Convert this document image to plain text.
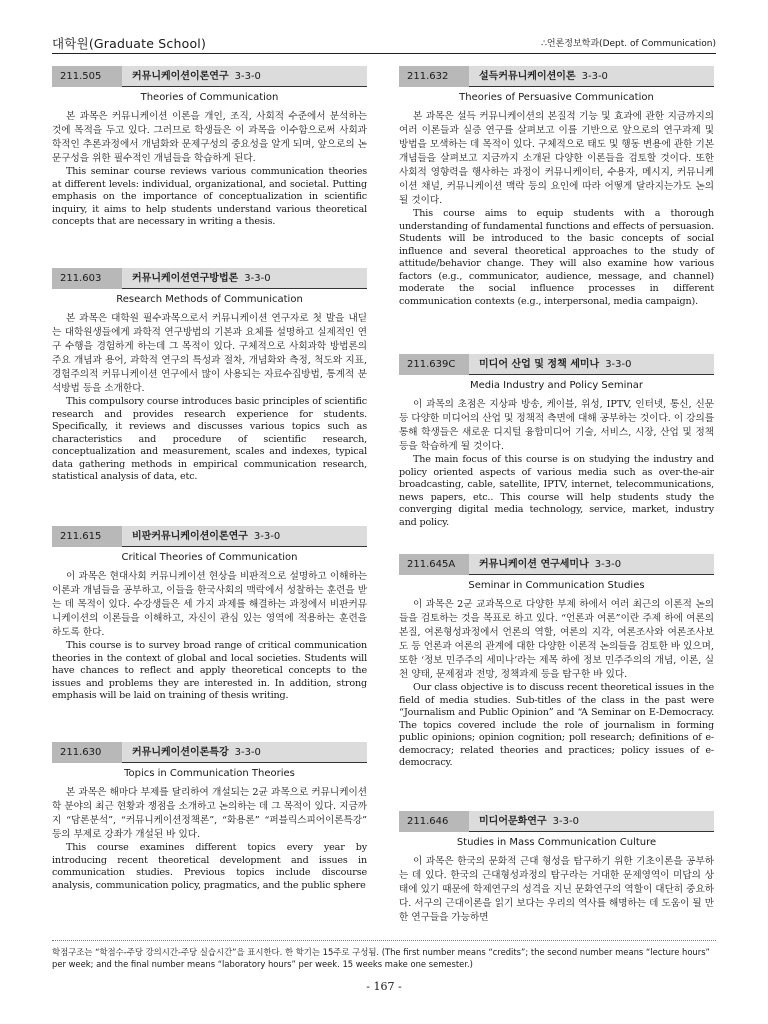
대학원(Graduate School)	∴언론정보학과(Dept. of Communication)
211.505	커뮤니케이션이론연구 3-3-0
Theories of Communication

본 과목은 커뮤니케이션 이론을 개인, 조직, 사회적 수준에서 분석하는 것에 목적을 두고 있다. 그러므로 학생들은 이 과목을 이수함으로써 사회과학적인 추론과정에서 개념화와 문제구성의 중요성을 알게 되며, 앞으로의 논문구성을 위한 필수적인 개념들을 학습하게 된다.

This seminar course reviews various communication theories at different levels: individual, organizational, and societal. Putting emphasis on the importance of conceptualization in scientific inquiry, it aims to help students understand various theoretical concepts that are necessary in writing a thesis.

211.603	커뮤니케이션연구방법론 3-3-0
Research Methods of Communication

본 과목은 대학원 필수과목으로서 커뮤니케이션 연구자로 첫 발을 내딛는 대학원생들에게 과학적 연구방법의 기본과 요체를 설명하고 실제적인 연구 수행을 경험하게 하는데 그 목적이 있다. 구체적으로 사회과학 방법론의 주요 개념과 용어, 과학적 연구의 특성과 절차, 개념화와 측정, 척도와 지표, 경험주의적 커뮤니케이션 연구에서 많이 사용되는 자료수집방법, 통계적 분석방법 등을 소개한다.

This compulsory course introduces basic principles of scientific research and provides research experience for students. Specifically, it reviews and discusses various topics such as characteristics and procedure of scientific research, conceptualization and measurement, scales and indexes, typical data gathering methods in empirical communication research, statistical analysis of data, etc.

211.615	비판커뮤니케이션이론연구 3-3-0
Critical Theories of Communication

이 과목은 현대사회 커뮤니케이션 현상을 비판적으로 설명하고 이해하는 이론과 개념들을 공부하고, 이들을 한국사회의 맥락에서 성찰하는 훈련을 받는 데 목적이 있다. 수강생들은 세 가지 과제를 해결하는 과정에서 비판커뮤니케이션의 이론들을 이해하고, 자신이 관심 있는 영역에 적용하는 훈련을 하도록 한다.

This course is to survey broad range of critical communication theories in the context of global and local societies. Students will have chances to reflect and apply theoretical concepts to the issues and problems they are interested in. In addition, strong emphasis will be laid on training of thesis writing.

211.630	커뮤니케이션이론특강 3-3-0
Topics in Communication Theories

본 과목은 해마다 부제를 달리하여 개설되는 2균 과목으로 커뮤니케이션학 분야의 최근 현황과 쟁점을 소개하고 논의하는 데 그 목적이 있다. 지금까지 “담론분석”, “커뮤니케이션정책론”, “화용론” “퍼블릭스피어이론특강” 등의 부제로 강좌가 개설된 바 있다.

This course examines different topics every year by introducing recent theoretical development and issues in communication studies. Previous topics include discourse analysis, communication policy, pragmatics, and the public sphere

211.632	설득커뮤니케이션이론 3-3-0
Theories of Persuasive Communication

본 과목은 설득 커뮤니케이션의 본질적 기능 및 효과에 관한 지금까지의 여러 이론들과 실증 연구를 살펴보고 이를 기반으로 앞으로의 연구과제 및 방법을 모색하는 데 목적이 있다. 구체적으로 태도 및 행동 변용에 관한 기본 개념들을 살펴보고 지금까지 소개된 다양한 이론들을 검토할 것이다. 또한 사회적 영향력을 행사하는 과정이 커뮤니케이터, 수용자, 메시지, 커뮤니케이션 채널, 커뮤니케이션 맥락 등의 요인에 따라 어떻게 달라지는가도 논의될 것이다.

This course aims to equip students with a thorough understanding of fundamental functions and effects of persuasion. Students will be introduced to the basic concepts of social influence and several theoretical approaches to the study of attitude/behavior change. They will also examine how various factors (e.g., communicator, audience, message, and channel) moderate the social influence processes in different communication contexts (e.g., interpersonal, media campaign).

211.639C	미디어 산업 및 정책 세미나 3-3-0
Media Industry and Policy Seminar

이 과목의 초점은 지상파 방송, 케이블, 위성, IPTV, 인터넷, 통신, 신문 등 다양한 미디어의 산업 및 정책적 측면에 대해 공부하는 것이다. 이 강의를 통해 학생들은 새로운 디지털 융합미디어 기술, 서비스, 시장, 산업 및 정책 등을 학습하게 될 것이다.

The main focus of this course is on studying the industry and policy oriented aspects of various media such as over-the-air broadcasting, cable, satellite, IPTV, internet, telecommunications, news papers, etc.. This course will help students study the converging digital media technology, service, market, industry and policy.

211.645A	커뮤니케이션 연구세미나 3-3-0
Seminar in Communication Studies

이 과목은 2군 교과목으로 다양한 부제 하에서 여러 최근의 이론적 논의들을 검토하는 것을 목표로 하고 있다. “언론과 여론”이란 주제 하에 여론의 본질, 여론형성과정에서 언론의 역할, 여론의 지각, 여론조사와 여론조사보도 등 언론과 여론의 관계에 대한 다양한 이론적 논의들을 검토한 바 있으며, 또한 ‘정보 민주주의 세미나’라는 제목 하에 정보 민주주의의 개념, 이론, 실천 양태, 문제점과 전망, 정책과제 등을 탐구한 바 있다.

Our class objective is to discuss recent theoretical issues in the field of media studies. Sub-titles of the class in the past were “Journalism and Public Opinion” and “A Seminar on E-Democracy. The topics covered include the role of journalism in forming public opinions; opinion cognition; poll research; definitions of e-democracy; related theories and practices; policy issues of e-democracy.

211.646	미디어문화연구 3-3-0
Studies in Mass Communication Culture

이 과목은 한국의 문화적 근대 형성을 탐구하기 위한 기초이론을 공부하는 데 있다. 한국의 근대형성과정의 탐구라는 거대한 문제영역이 미답의 상태에 있기 때문에 학제연구의 성격을 지닌 문화연구의 역할이 대단히 중요하다. 서구의 근대이론을 읽기 보다는 우리의 역사를 해명하는 데 도움이 될 만한 연구들을 가능하면

학점구조는 “학점수-주당 강의시간-주당 실습시간”을 표시한다. 한 학기는 15주로 구성됨. (The first number means “credits”; the second number means “lecture hours” per week; and the final number means “laboratory hours” per week. 15 weeks make one semester.)
- 167 -
